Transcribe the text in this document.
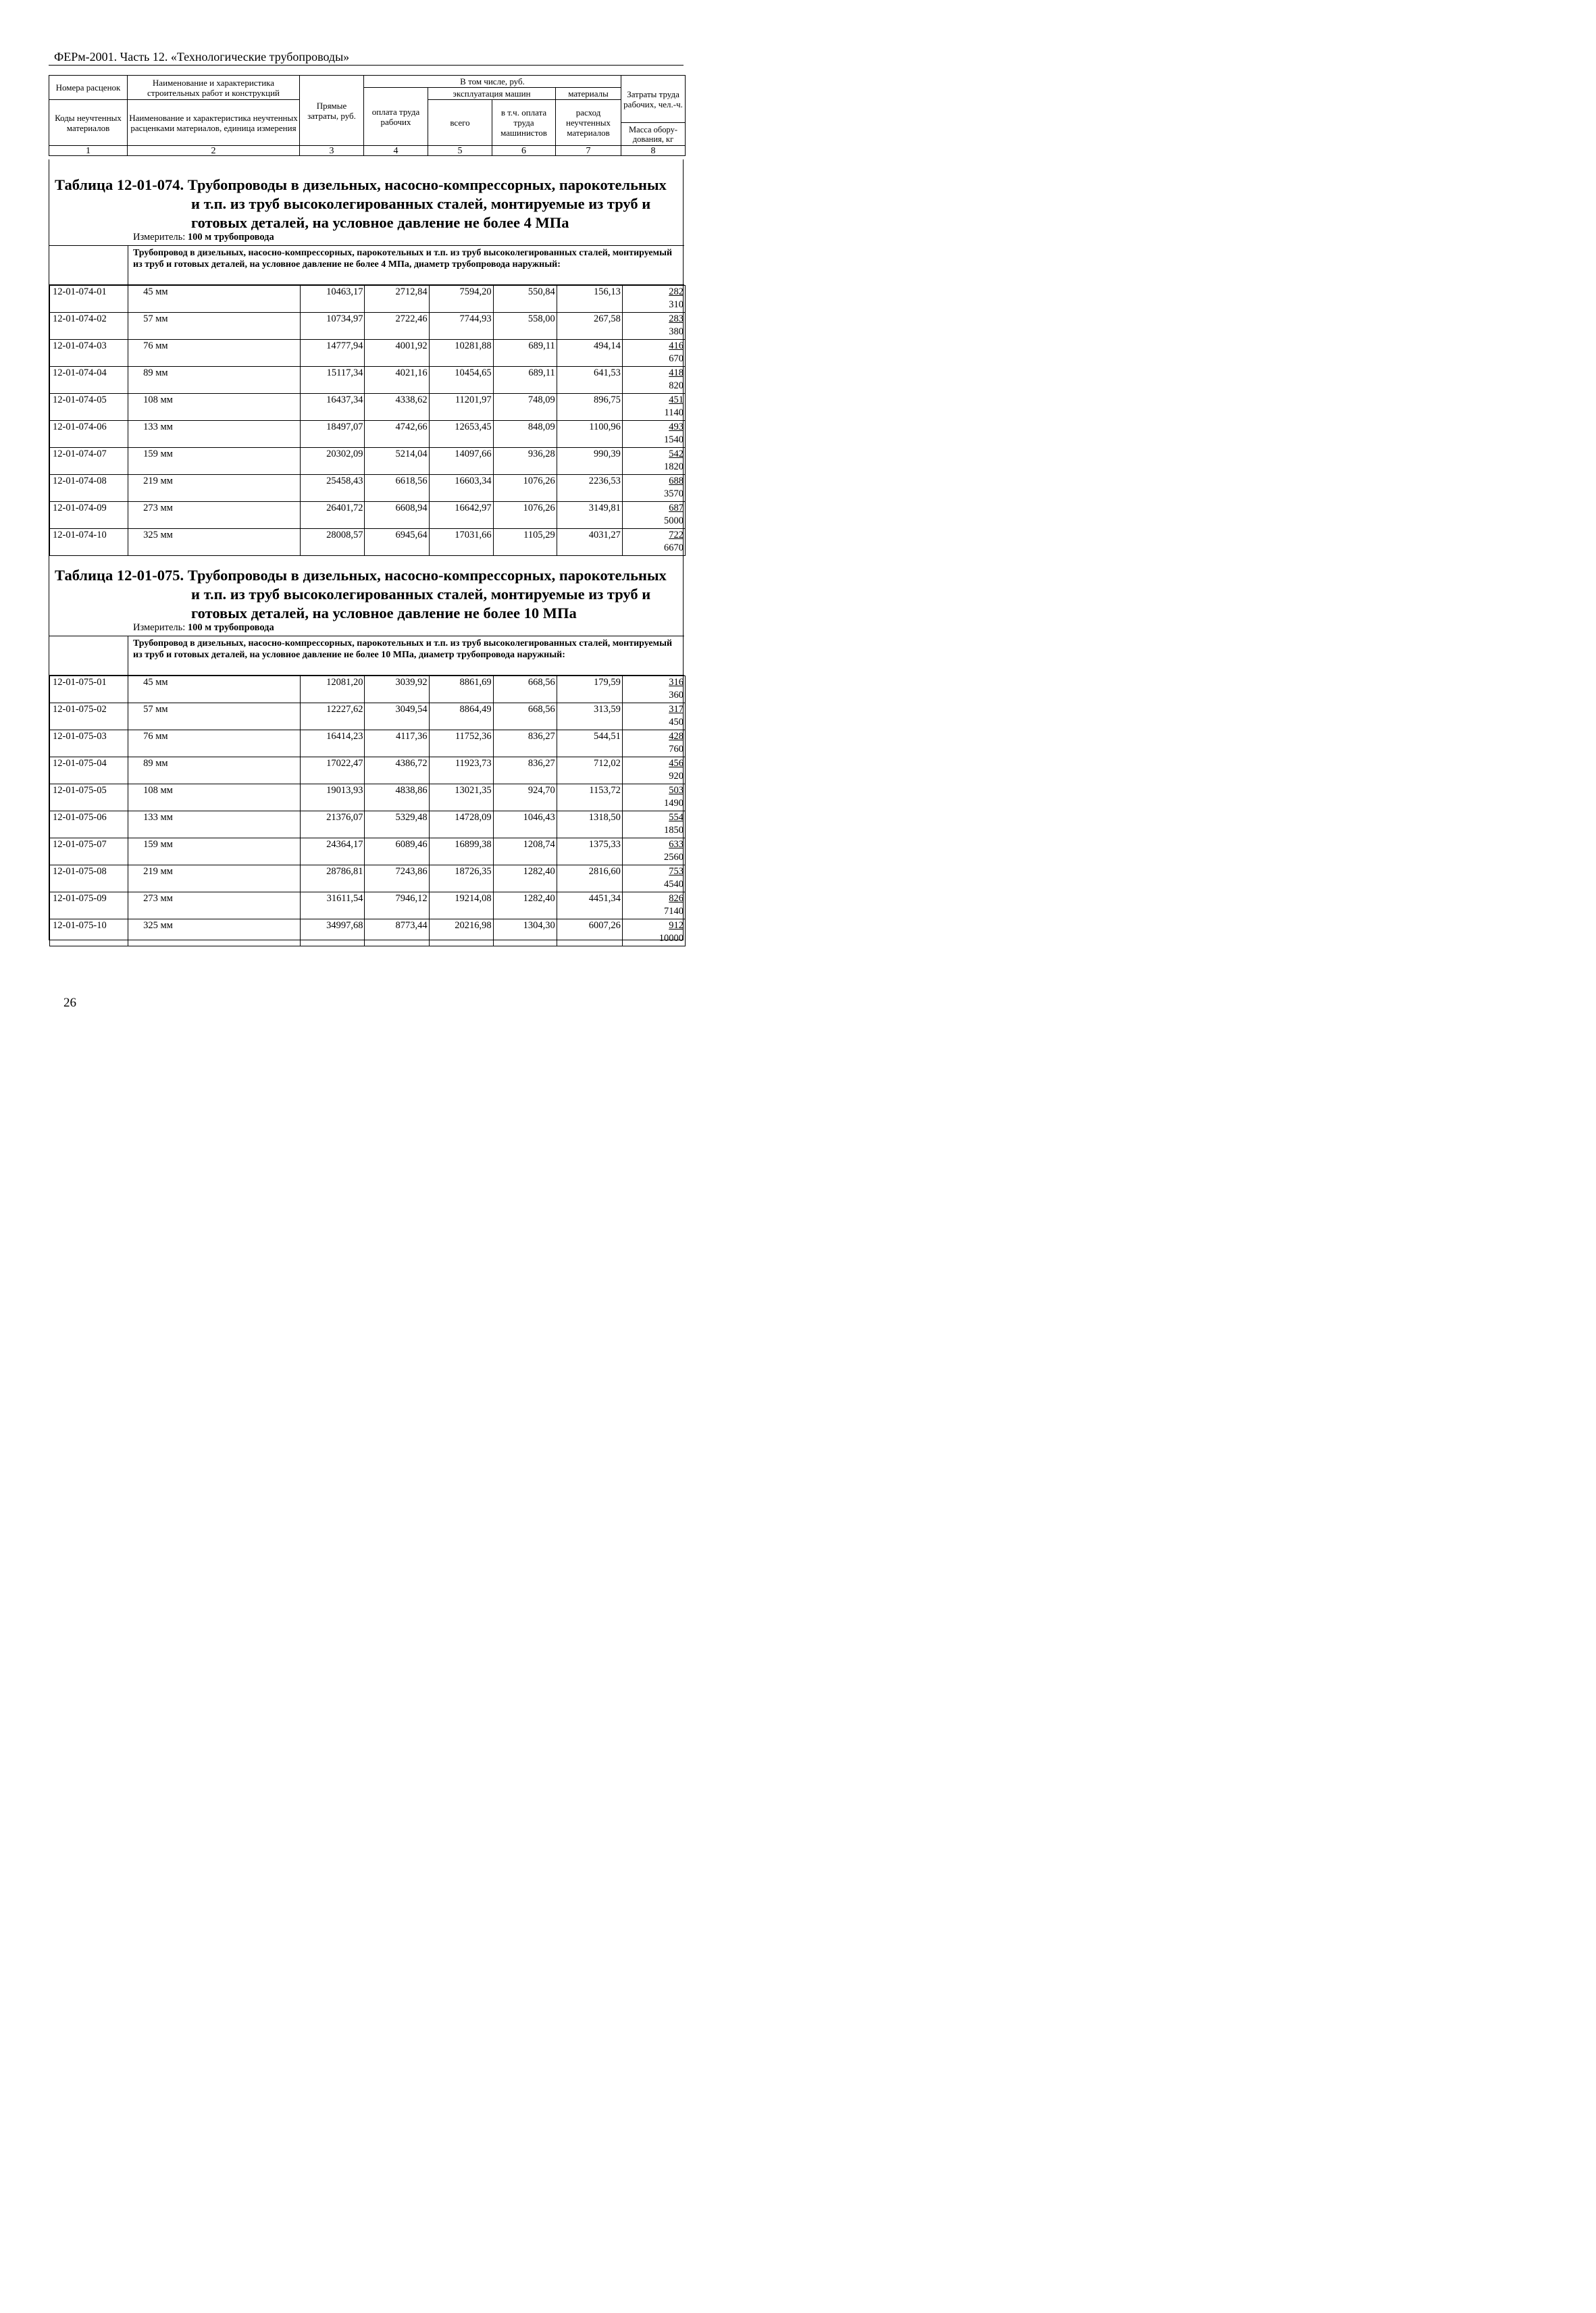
ФЕРм-2001. Часть 12. «Технологические трубопроводы»
Номера расценок	Наименование и характеристика строительных работ и конструкций	Прямые затраты, руб.	В том числе, руб.				Затраты труда рабочих, чел.-ч.
			оплата труда рабочих	эксплуатация машин		материалы	
Коды неучтенных материалов	Наименование и характеристика неучтенных расценками материалов, единица измерения			всего	в т.ч. оплата труда машинистов	расход неучтенных материалов	
							Масса обору-дования, кг
1	2	3	4	5	6	7	8
Таблица 12-01-074. Трубопроводы в дизельных, насосно-компрессорных, парокотельных
и т.п. из труб высоколегированных сталей, монтируемые из труб и готовых деталей, на условное давление не более 4 МПа
Измеритель: 100 м трубопровода
Трубопровод в дизельных, насосно-компрессорных, парокотельных и т.п. из труб высоколегированных сталей, монтируемый из труб и готовых деталей, на условное давление не более 4 МПа, диаметр трубопровода наружный:
12-01-074-01	45 мм	10463,17	2712,84	7594,20	550,84	156,13	282
310

12-01-074-02	57 мм	10734,97	2722,46	7744,93	558,00	267,58	283
380

12-01-074-03	76 мм	14777,94	4001,92	10281,88	689,11	494,14	416
670

12-01-074-04	89 мм	15117,34	4021,16	10454,65	689,11	641,53	418
820

12-01-074-05	108 мм	16437,34	4338,62	11201,97	748,09	896,75	451
1140

12-01-074-06	133 мм	18497,07	4742,66	12653,45	848,09	1100,96	493
1540

12-01-074-07	159 мм	20302,09	5214,04	14097,66	936,28	990,39	542
1820

12-01-074-08	219 мм	25458,43	6618,56	16603,34	1076,26	2236,53	688
3570

12-01-074-09	273 мм	26401,72	6608,94	16642,97	1076,26	3149,81	687
5000

12-01-074-10	325 мм	28008,57	6945,64	17031,66	1105,29	4031,27	722
6670
Таблица 12-01-075. Трубопроводы в дизельных, насосно-компрессорных, парокотельных
и т.п. из труб высоколегированных сталей, монтируемые из труб и готовых деталей, на условное давление не более 10 МПа
Измеритель: 100 м трубопровода
Трубопровод в дизельных, насосно-компрессорных, парокотельных и т.п. из труб высоколегированных сталей, монтируемый из труб и готовых деталей, на условное давление не более 10 МПа, диаметр трубопровода наружный:
12-01-075-01	45 мм	12081,20	3039,92	8861,69	668,56	179,59	316
360

12-01-075-02	57 мм	12227,62	3049,54	8864,49	668,56	313,59	317
450

12-01-075-03	76 мм	16414,23	4117,36	11752,36	836,27	544,51	428
760

12-01-075-04	89 мм	17022,47	4386,72	11923,73	836,27	712,02	456
920

12-01-075-05	108 мм	19013,93	4838,86	13021,35	924,70	1153,72	503
1490

12-01-075-06	133 мм	21376,07	5329,48	14728,09	1046,43	1318,50	554
1850

12-01-075-07	159 мм	24364,17	6089,46	16899,38	1208,74	1375,33	633
2560

12-01-075-08	219 мм	28786,81	7243,86	18726,35	1282,40	2816,60	753
4540

12-01-075-09	273 мм	31611,54	7946,12	19214,08	1282,40	4451,34	826
7140

12-01-075-10	325 мм	34997,68	8773,44	20216,98	1304,30	6007,26	912
10000
26
